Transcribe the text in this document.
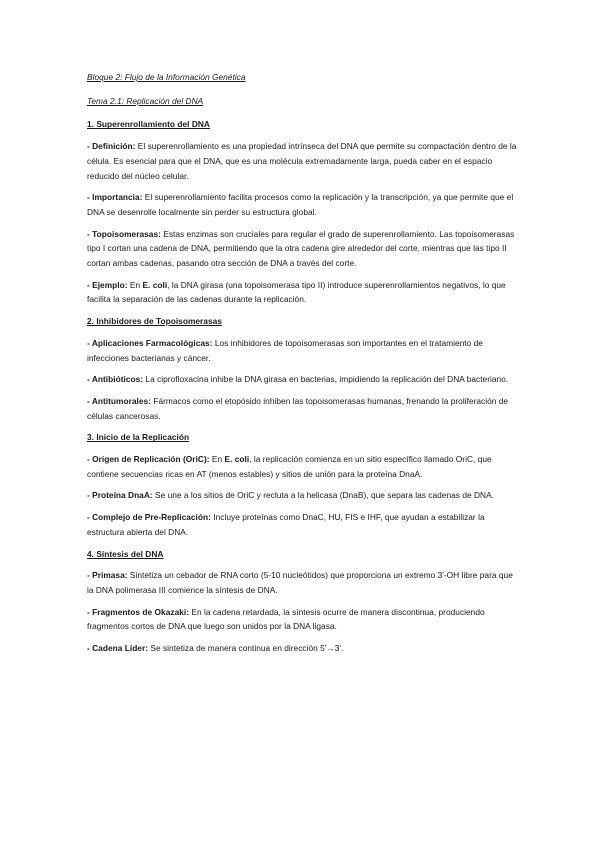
Bloque 2: Flujo de la Información Genética
Tema 2.1: Replicación del DNA
1. Superenrollamiento del DNA
- Definición: El superenrollamiento es una propiedad intrínseca del DNA que permite su compactación dentro de la célula. Es esencial para que el DNA, que es una molécula extremadamente larga, pueda caber en el espacio reducido del núcleo celular.
- Importancia: El superenrollamiento facilita procesos como la replicación y la transcripción, ya que permite que el DNA se desenrolle localmente sin perder su estructura global.
- Topoisomerasas: Estas enzimas son cruciales para regular el grado de superenrollamiento. Las topoisomerasas tipo I cortan una cadena de DNA, permitiendo que la otra cadena gire alrededor del corte, mientras que las tipo II cortan ambas cadenas, pasando otra sección de DNA a través del corte.
- Ejemplo: En E. coli, la DNA girasa (una topoisomerasa tipo II) introduce superenrollamientos negativos, lo que facilita la separación de las cadenas durante la replicación.
2. Inhibidores de Topoisomerasas
- Aplicaciones Farmacológicas: Los inhibidores de topoisomerasas son importantes en el tratamiento de infecciones bacterianas y cáncer.
- Antibióticos: La ciprofloxacina inhibe la DNA girasa en bacterias, impidiendo la replicación del DNA bacteriano.
- Antitumorales: Fármacos como el etopósido inhiben las topoisomerasas humanas, frenando la proliferación de células cancerosas.
3. Inicio de la Replicación
- Origen de Replicación (OriC): En E. coli, la replicación comienza en un sitio específico llamado OriC, que contiene secuencias ricas en AT (menos estables) y sitios de unión para la proteína DnaA.
- Proteína DnaA: Se une a los sitios de OriC y recluta a la helicasa (DnaB), que separa las cadenas de DNA.
- Complejo de Pre-Replicación: Incluye proteínas como DnaC, HU, FIS e IHF, que ayudan a estabilizar la estructura abierta del DNA.
4. Síntesis del DNA
- Primasa: Sintetiza un cebador de RNA corto (5-10 nucleótidos) que proporciona un extremo 3'-OH libre para que la DNA polimerasa III comience la síntesis de DNA.
- Fragmentos de Okazaki: En la cadena retardada, la síntesis ocurre de manera discontinua, produciendo fragmentos cortos de DNA que luego son unidos por la DNA ligasa.
- Cadena Líder: Se sintetiza de manera continua en dirección 5'→3'.
